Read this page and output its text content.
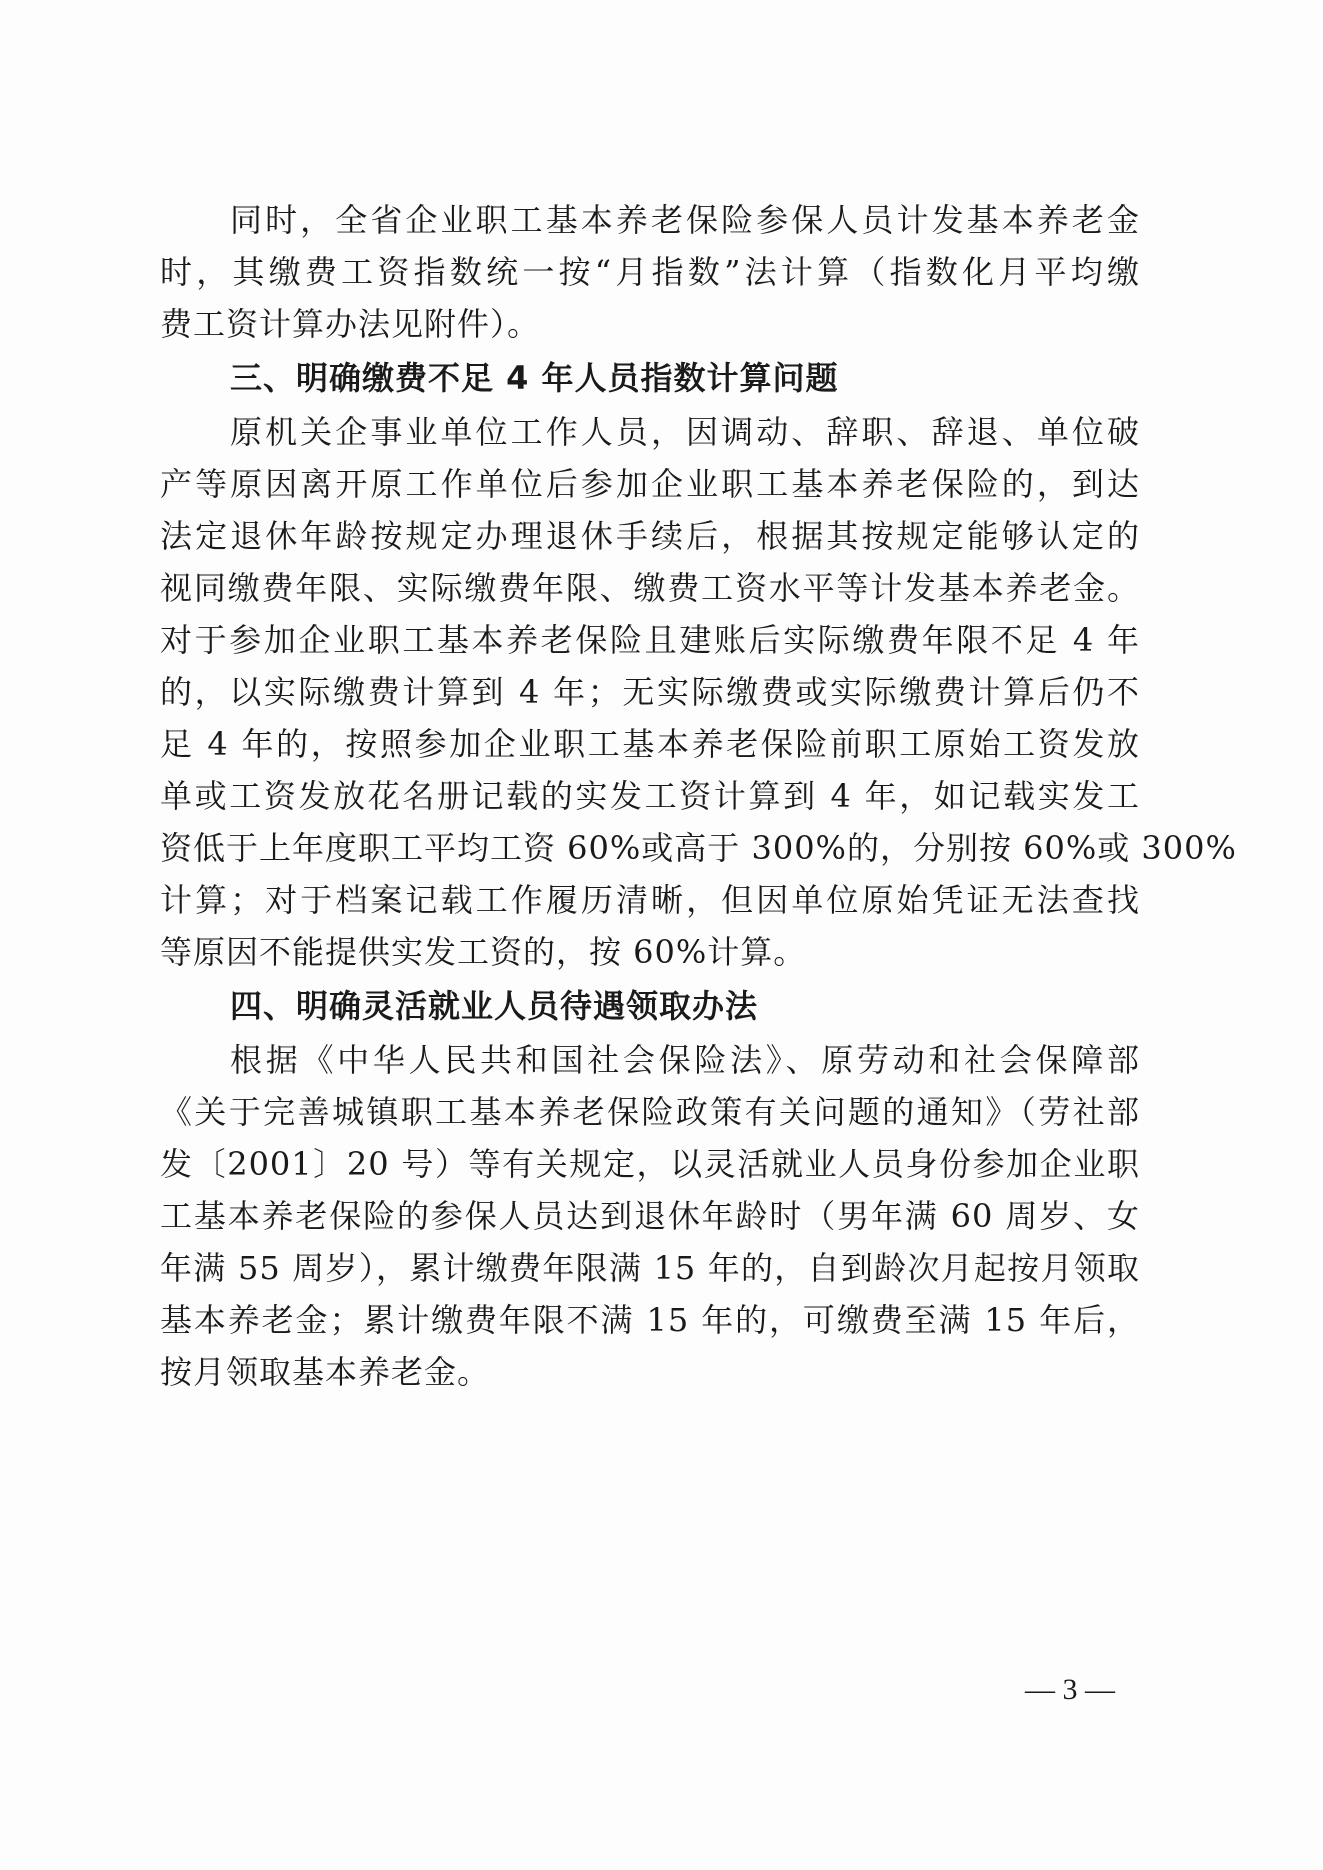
同时，全省企业职工基本养老保险参保人员计发基本养老金
时，其缴费工资指数统一按“月指数”法计算（指数化月平均缴
费工资计算办法见附件）。
三、明确缴费不足 4 年人员指数计算问题
原机关企事业单位工作人员，因调动、辞职、辞退、单位破
产等原因离开原工作单位后参加企业职工基本养老保险的，到达
法定退休年龄按规定办理退休手续后，根据其按规定能够认定的
视同缴费年限、实际缴费年限、缴费工资水平等计发基本养老金。
对于参加企业职工基本养老保险且建账后实际缴费年限不足 4 年
的，以实际缴费计算到 4 年；无实际缴费或实际缴费计算后仍不
足 4 年的，按照参加企业职工基本养老保险前职工原始工资发放
单或工资发放花名册记载的实发工资计算到 4 年，如记载实发工
资低于上年度职工平均工资 60%或高于 300%的，分别按 60%或 300%
计算；对于档案记载工作履历清晰，但因单位原始凭证无法查找
等原因不能提供实发工资的，按 60%计算。
四、明确灵活就业人员待遇领取办法
根据《中华人民共和国社会保险法》、原劳动和社会保障部
《关于完善城镇职工基本养老保险政策有关问题的通知》（劳社部
发〔2001〕20 号）等有关规定，以灵活就业人员身份参加企业职
工基本养老保险的参保人员达到退休年龄时（男年满 60 周岁、女
年满 55 周岁），累计缴费年限满 15 年的，自到龄次月起按月领取
基本养老金；累计缴费年限不满 15 年的，可缴费至满 15 年后，
按月领取基本养老金。
— 3 —
